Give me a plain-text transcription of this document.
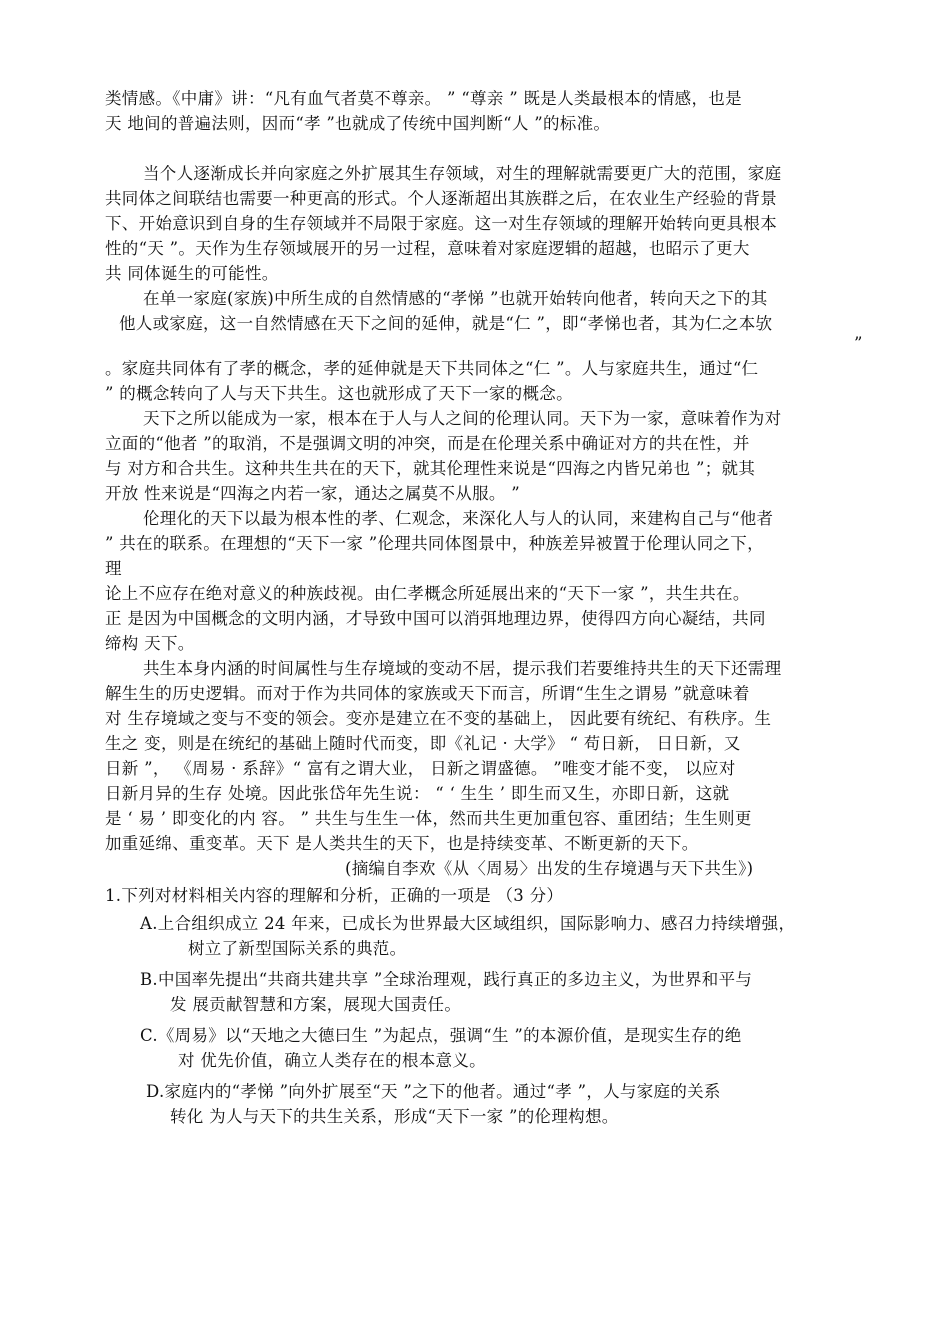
类情感。《中庸》讲：“凡有血气者莫不尊亲。 ” “尊亲 ” 既是人类最根本的情感，也是
天 地间的普遍法则，因而“孝 ”也就成了传统中国判断“人 ”的标准。
当个人逐渐成长并向家庭之外扩展其生存领域，对生的理解就需要更广大的范围，家庭
共同体之间联结也需要一种更高的形式。个人逐渐超出其族群之后，在农业生产经验的背景
下、开始意识到自身的生存领域并不局限于家庭。这一对生存领域的理解开始转向更具根本
性的“天 ”。天作为生存领域展开的另一过程，意味着对家庭逻辑的超越，也昭示了更大
共 同体诞生的可能性。
在单一家庭(家族)中所生成的自然情感的“孝悌 ”也就开始转向他者，转向天之下的其
他人或家庭，这一自然情感在天下之间的延伸，就是“仁 ”，即“孝悌也者，其为仁之本欤
”
。家庭共同体有了孝的概念，孝的延伸就是天下共同体之“仁 ”。人与家庭共生，通过“仁
” 的概念转向了人与天下共生。这也就形成了天下一家的概念。
天下之所以能成为一家，根本在于人与人之间的伦理认同。天下为一家，意味着作为对
立面的“他者 ”的取消，不是强调文明的冲突，而是在伦理关系中确证对方的共在性，并
与 对方和合共生。这种共生共在的天下，就其伦理性来说是“四海之内皆兄弟也 ”；就其
开放 性来说是“四海之内若一家，通达之属莫不从服。 ”
伦理化的天下以最为根本性的孝、仁观念，来深化人与人的认同，来建构自己与“他者
” 共在的联系。在理想的“天下一家 ”伦理共同体图景中，种族差异被置于伦理认同之下，
理
论上不应存在绝对意义的种族歧视。由仁孝概念所延展出来的“天下一家 ”，共生共在。
正 是因为中国概念的文明内涵，才导致中国可以消弭地理边界，使得四方向心凝结，共同
缔构 天下。
共生本身内涵的时间属性与生存境域的变动不居，提示我们若要维持共生的天下还需理
解生生的历史逻辑。而对于作为共同体的家族或天下而言，所谓“生生之谓易 ”就意味着
对 生存境域之变与不变的领会。变亦是建立在不变的基础上， 因此要有统纪、有秩序。生
生之 变，则是在统纪的基础上随时代而变，即《礼记 · 大学》 “ 苟日新， 日日新，又
日新 ”， 《周易 · 系辞》“ 富有之谓大业， 日新之谓盛德。 ”唯变才能不变， 以应对
日新月异的生存 处境。因此张岱年先生说： “ ‘ 生生 ’ 即生而又生，亦即日新，这就
是 ‘ 易 ’ 即变化的内 容。 ” 共生与生生一体，然而共生更加重包容、重团结；生生则更
加重延绵、重变革。天下 是人类共生的天下，也是持续变革、不断更新的天下。
(摘编自李欢《从〈周易〉出发的生存境遇与天下共生》)
1.下列对材料相关内容的理解和分析，正确的一项是 （3 分）
A.上合组织成立 24 年来，已成长为世界最大区域组织，国际影响力、感召力持续增强，
树立了新型国际关系的典范。
B.中国率先提出“共商共建共享 ”全球治理观，践行真正的多边主义，为世界和平与
发 展贡献智慧和方案，展现大国责任。
C.《周易》以“天地之大德曰生 ”为起点，强调“生 ”的本源价值，是现实生存的绝
对 优先价值，确立人类存在的根本意义。
D.家庭内的“孝悌 ”向外扩展至“天 ”之下的他者。通过“孝 ”，人与家庭的关系
转化 为人与天下的共生关系，形成“天下一家 ”的伦理构想。
